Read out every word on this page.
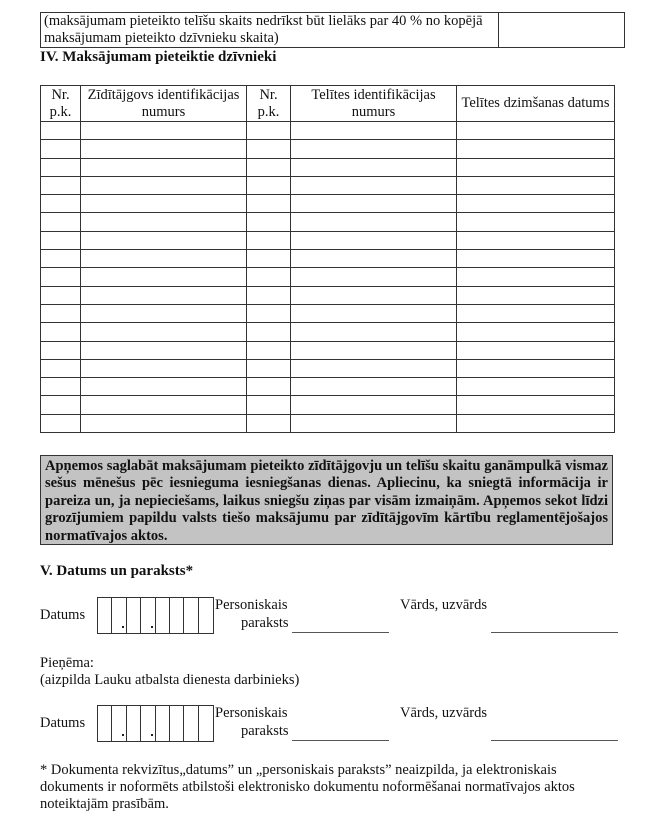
(maksājumam pieteikto telīšu skaits nedrīkst būt lielāks par 40 % no kopējā maksājumam pieteikto dzīvnieku skaita)
IV. Maksājumam pieteiktie dzīvnieki
Nr. p.k.	Zīdītājgovs identifikācijas numurs	Nr. p.k.	Telītes identifikācijas numurs	Telītes dzimšanas datums

Apņemos saglabāt maksājumam pieteikto zīdītājgovju un telīšu skaitu ganāmpulkā vismaz sešus mēnešus pēc iesnieguma iesniegšanas dienas. Apliecinu, ka sniegtā informācija ir pareiza un, ja nepieciešams, laikus sniegšu ziņas par visām izmaiņām. Apņemos sekot līdzi grozījumiem papildu valsts tiešo maksājumu par zīdītājgovīm kārtību reglamentējošajos normatīvajos aktos.
V. Datums un paraksts*
Datums
Personiskais
paraksts
Vārds, uzvārds
Pieņēma:
(aizpilda Lauku atbalsta dienesta darbinieks)
Datums
Personiskais
paraksts
Vārds, uzvārds
* Dokumenta rekvizītus„datums” un „personiskais paraksts” neaizpilda, ja elektroniskais dokuments ir noformēts atbilstoši elektronisko dokumentu noformēšanai normatīvajos aktos noteiktajām prasībām.
